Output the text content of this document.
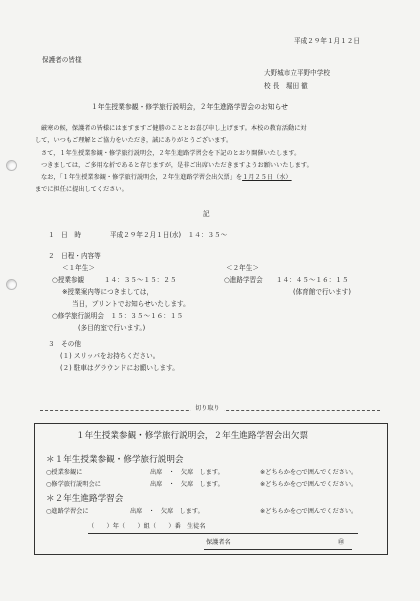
平成２９年１月１２日
保護者の皆様
大野城市立平野中学校
校 長　堀田 徹
１年生授業参観・修学旅行説明会，２年生進路学習会のお知らせ
厳寒の候，保護者の皆様にはますますご健勝のこととお喜び申し上げます。本校の教育活動に対
して，いつもご理解とご協力をいただき，誠にありがとうございます。
さて，１年生授業参観・修学旅行説明会，２年生進路学習会を下記のとおり開催いたします。
つきましては，ご多用な折であると存じますが，是非ご出席いただきますようお願いいたします。
なお，「１年生授業参観・修学旅行説明会，２年生進路学習会出欠票」を１月２５日（水）
までに担任に提出してください。
記
１　日　時	平成２９年２月１日(水)　１４：３５～
２　日程・内容等
＜１年生＞	＜２年生＞
○授業参観　　　１４：３５～１５：２５	○進路学習会　　１４：４５～１６：１５
※授業案内等につきましては，	(体育館で行います)
当日，プリントでお知らせいたします。
○修学旅行説明会　１５：３５～１６：１５
(多目的室で行います。)
３　その他
(１) スリッパをお持ちください。
(２) 駐車はグラウンドにお願いします。
切り取り
１年生授業参観・修学旅行説明会，２年生進路学習会出欠票
＊１年生授業参観・修学旅行説明会
○授業参観に	出席　・　欠席　します。	※どちらかを○で囲んでください。
○修学旅行説明会に	出席　・　欠席　します。	※どちらかを○で囲んでください。
＊２年生進路学習会
○進路学習会に	出席　・　欠席　します。	※どちらかを○で囲んでください。
（　　）年（　　）組（　　）番　生徒名
保護者名	㊞
